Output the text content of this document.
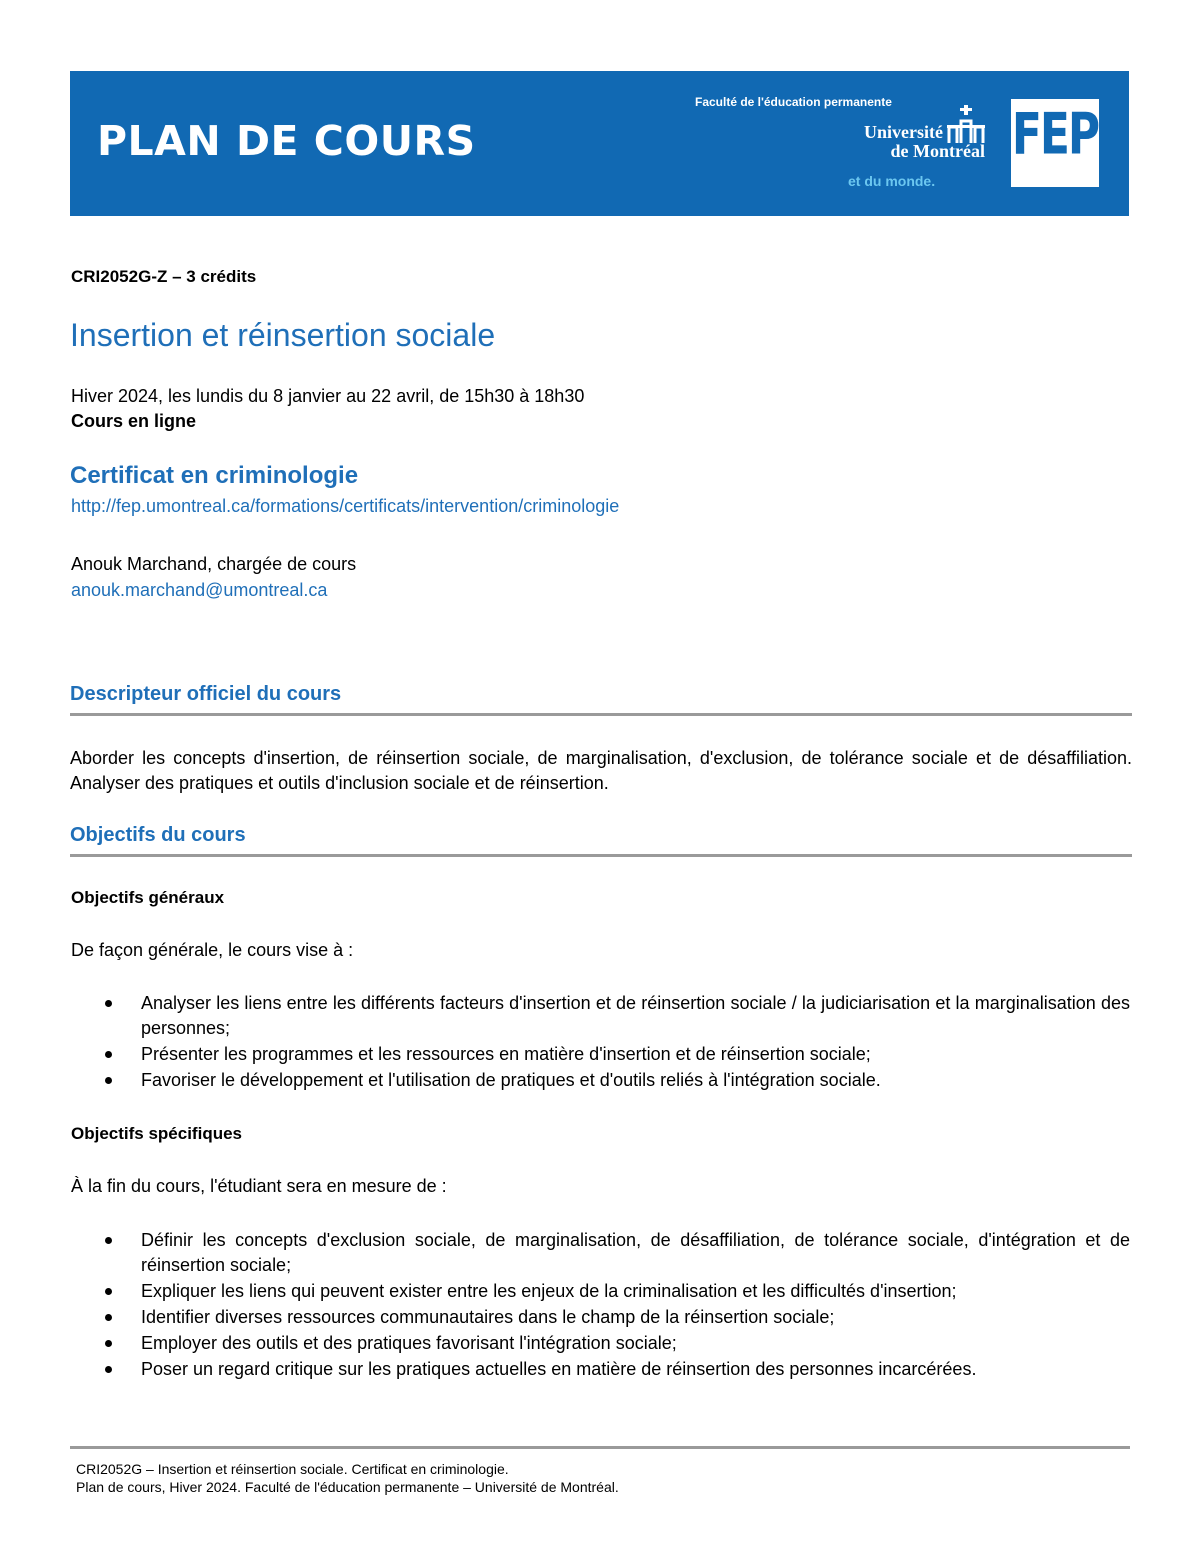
PLAN DE COURS
Faculté de l'éducation permanente
Université
de Montréal
et du monde.
FEP
CRI2052G-Z – 3 crédits
Insertion et réinsertion sociale
Hiver 2024, les lundis du 8 janvier au 22 avril, de 15h30 à 18h30
Cours en ligne
Certificat en criminologie
http://fep.umontreal.ca/formations/certificats/intervention/criminologie
Anouk Marchand, chargée de cours
anouk.marchand@umontreal.ca
Descripteur officiel du cours
Aborder les concepts d'insertion, de réinsertion sociale, de marginalisation, d'exclusion, de tolérance sociale et de désaffiliation. Analyser des pratiques et outils d'inclusion sociale et de réinsertion.
Objectifs du cours
Objectifs généraux
De façon générale, le cours vise à :
Analyser les liens entre les différents facteurs d'insertion et de réinsertion sociale / la judiciarisation et la marginalisation des personnes;
Présenter les programmes et les ressources en matière d'insertion et de réinsertion sociale;
Favoriser le développement et l'utilisation de pratiques et d'outils reliés à l'intégration sociale.
Objectifs spécifiques
À la fin du cours, l'étudiant sera en mesure de :
Définir les concepts d'exclusion sociale, de marginalisation, de désaffiliation, de tolérance sociale, d'intégration et de réinsertion sociale;
Expliquer les liens qui peuvent exister entre les enjeux de la criminalisation et les difficultés d'insertion;
Identifier diverses ressources communautaires dans le champ de la réinsertion sociale;
Employer des outils et des pratiques favorisant l'intégration sociale;
Poser un regard critique sur les pratiques actuelles en matière de réinsertion des personnes incarcérées.
CRI2052G – Insertion et réinsertion sociale. Certificat en criminologie.
Plan de cours, Hiver 2024. Faculté de l'éducation permanente – Université de Montréal.
